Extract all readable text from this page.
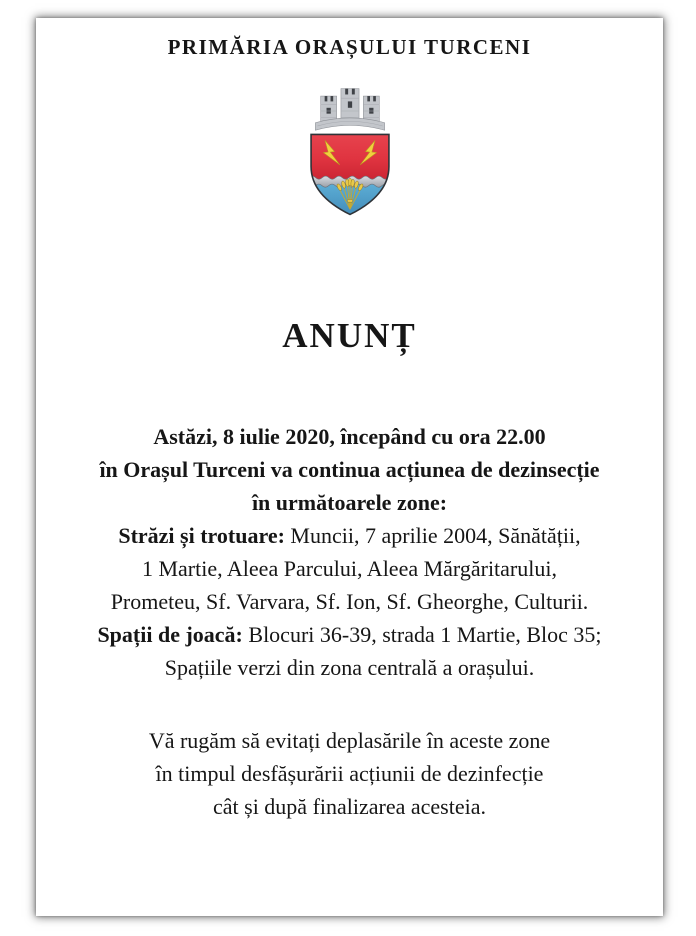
PRIMĂRIA ORAȘULUI TURCENI
ANUNȚ
Astăzi, 8 iulie 2020, începând cu ora 22.00
în Orașul Turceni va continua acțiunea de dezinsecție
în următoarele zone:
Străzi și trotuare: Muncii, 7 aprilie 2004, Sănătății,
1 Martie, Aleea Parcului, Aleea Mărgăritarului,
Prometeu, Sf. Varvara, Sf. Ion, Sf. Gheorghe, Culturii.
Spații de joacă: Blocuri 36-39, strada 1 Martie, Bloc 35;
Spațiile verzi din zona centrală a orașului.
Vă rugăm să evitați deplasările în aceste zone
în timpul desfășurării acțiunii de dezinfecție
cât și după finalizarea acesteia.
